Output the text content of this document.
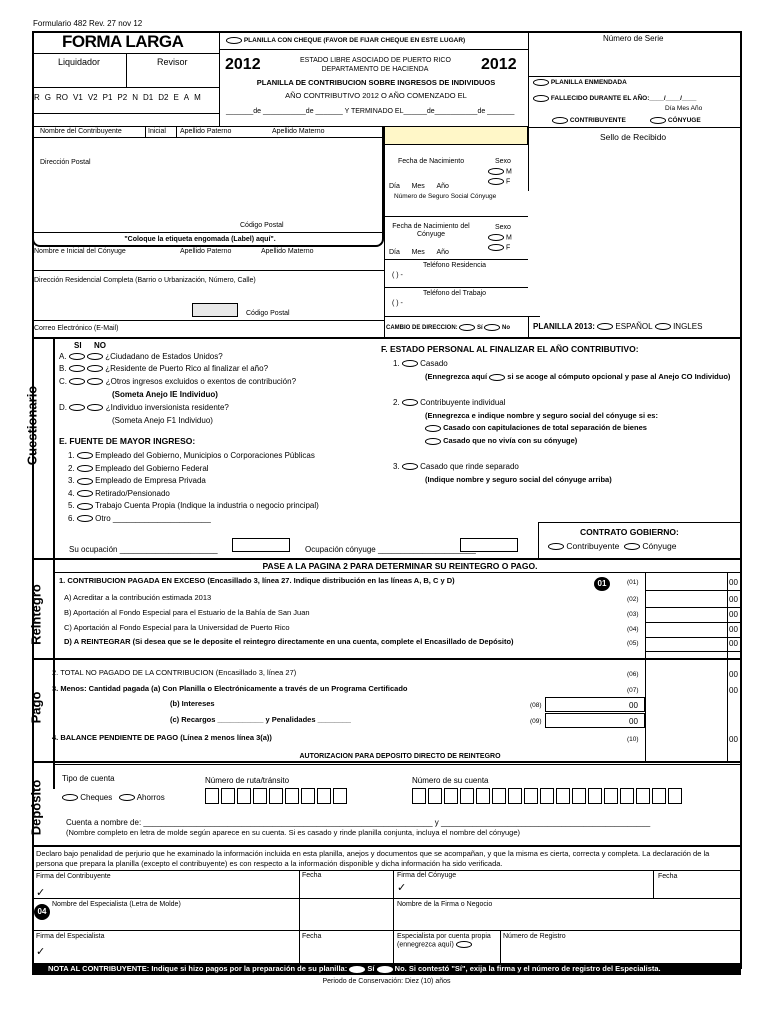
Formulario 482 Rev. 27 nov 12
FORMA LARGA	PLANILLA CON CHEQUE (FAVOR DE FIJAR CHEQUE EN ESTE LUGAR)	Número de Serie
Liquidador	Revisor
R G RO V1 V2 P1 P2 N D1 D2 E A M
2012	2012
ESTADO LIBRE ASOCIADO DE PUERTO RICO
DEPARTAMENTO DE HACIENDA
PLANILLA DE CONTRIBUCION SOBRE INGRESOS DE INDIVIDUOS
AÑO CONTRIBUTIVO 2012 O AÑO COMENZADO EL
_______de ___________de _______ Y TERMINADO EL______de___________de _______
PLANILLA ENMENDADA
FALLECIDO DURANTE EL AÑO:____/____/____
Día Mes Año
CONTRIBUYENTE	CÓNYUGE
Sello de Recibido
Nombre del Contribuyente	Inicial Apellido Paterno	Apellido Materno
Dirección Postal
Código Postal
"Coloque la etiqueta engomada (Label) aquí".
Fecha de Nacimiento	Sexo
M
F
Día Mes Año
Número de Seguro Social Cónyuge
Fecha de Nacimiento del Cónyuge
Sexo
M
F
Día Mes Año
Teléfono Residencia
( ) -
Teléfono del Trabajo
( ) -
Nombre e Inicial del Cónyuge	Apellido Paterno	Apellido Materno
Dirección Residencial Completa (Barrio o Urbanización, Número, Calle)
Código Postal
Correo Electrónico (E-Mail)	CAMBIO DE DIRECCION:	Sí	No	PLANILLA 2013:	ESPAÑOL	INGLES
Cuestionario
SI NO
A.	¿Ciudadano de Estados Unidos?
B.	¿Residente de Puerto Rico al finalizar el año?
C.	¿Otros ingresos excluidos o exentos de contribución?
(Someta Anejo IE Individuo)
D.	¿Individuo inversionista residente?
(Someta Anejo F1 Individuo)
E. FUENTE DE MAYOR INGRESO:
1.  Empleado del Gobierno, Municipios o Corporaciones Públicas
2.  Empleado del Gobierno Federal
3.  Empleado de Empresa Privada
4.  Retirado/Pensionado
5.  Trabajo Cuenta Propia (Indique la industria o negocio principal)
6.  Otro ______________________
F. ESTADO PERSONAL AL FINALIZAR EL AÑO CONTRIBUTIVO:
1.  Casado
(Ennegrezca aquí	si se acoge al cómputo opcional y pase al Anejo CO Individuo)
2.  Contribuyente individual
(Ennegrezca e indique nombre y seguro social del cónyuge si es:
Casado con capitulaciones de total separación de bienes
Casado que no vivía con su cónyuge)
3.  Casado que rinde separado
(Indique nombre y seguro social del cónyuge arriba)
CONTRATO GOBIERNO:
Contribuyente	Cónyuge
Su ocupación ______________________	Ocupación cónyuge ______________________
PASE A LA PAGINA 2 PARA DETERMINAR SU REINTEGRO O PAGO.
Reintegro
1. CONTRIBUCION PAGADA EN EXCESO (Encasillado 3, línea 27. Indique distribución en las líneas A, B, C y D)	(01)	00
A) Acreditar a la contribución estimada 2013	(02)	00
B) Aportación al Fondo Especial para el Estuario de la Bahía de San Juan	(03)	00
C) Aportación al Fondo Especial para la Universidad de Puerto Rico	(04)	00
D) A REINTEGRAR (Si desea que se le deposite el reintegro directamente en una cuenta, complete el Encasillado de Depósito)	(05)	00
01
Pago
2. TOTAL NO PAGADO DE LA CONTRIBUCION (Encasillado 3, línea 27)	(06)	00
3. Menos: Cantidad pagada (a) Con Planilla o Electrónicamente a través de un Programa Certificado	(07)	00
(b) Intereses	(08)	00
(c) Recargos ___________ y Penalidades ________	(09)	00
4. BALANCE PENDIENTE DE PAGO (Línea 2 menos línea 3(a))	(10)	00
AUTORIZACION PARA DEPOSITO DIRECTO DE REINTEGRO
Depósito
Tipo de cuenta
Cheques	Ahorros
Número de ruta/tránsito	Número de su cuenta
Cuenta a nombre de: _________________________________________________________________ y _______________________________________________
(Nombre completo en letra de molde según aparece en su cuenta. Si es casado y rinde planilla conjunta, incluya el nombre del cónyuge)
Declaro bajo penalidad de perjurio que he examinado la información incluida en esta planilla, anejos y documentos que se acompañan, y que la misma es cierta, correcta y completa. La declaración de la persona que prepara la planilla (excepto el contribuyente) es con respecto a la información disponible y dicha información ha sido verificada.
Firma del Contribuyente	Fecha	Firma del Cónyuge	Fecha
✓	✓
04
Nombre del Especialista (Letra de Molde)	Nombre de la Firma o Negocio
Firma del Especialista	Fecha	Especialista por cuenta propia (ennegrezca aquí)
Número de Registro
✓
NOTA AL CONTRIBUYENTE: Indique si hizo pagos por la preparación de su planilla:	Sí	No. Si contestó "Sí", exija la firma y el número de registro del Especialista.
Periodo de Conservación: Diez (10) años
